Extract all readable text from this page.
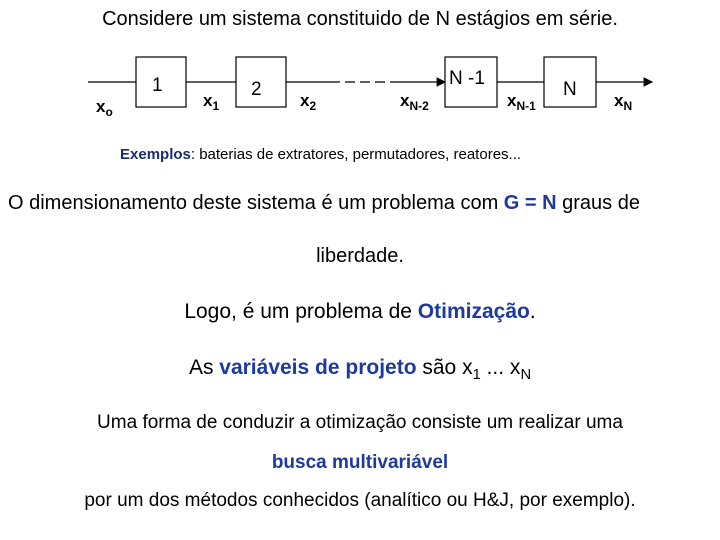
Considere um sistema constituido de N estágios em série.
1	2
N -1
N
$x_o$
$x_1$	$x_2$	$x_{N-2}$	$x_{N-1}$	$x_N$
Exemplos: baterias de extratores, permutadores, reatores...
O dimensionamento deste sistema é um problema com G = N graus de
liberdade.
Logo, é um problema de Otimização.
As variáveis de projeto são $x_1$ ... $x_N$
Uma forma de conduzir a otimização consiste um realizar uma
busca multivariável
por um dos métodos conhecidos (analítico ou H&J, por exemplo).
